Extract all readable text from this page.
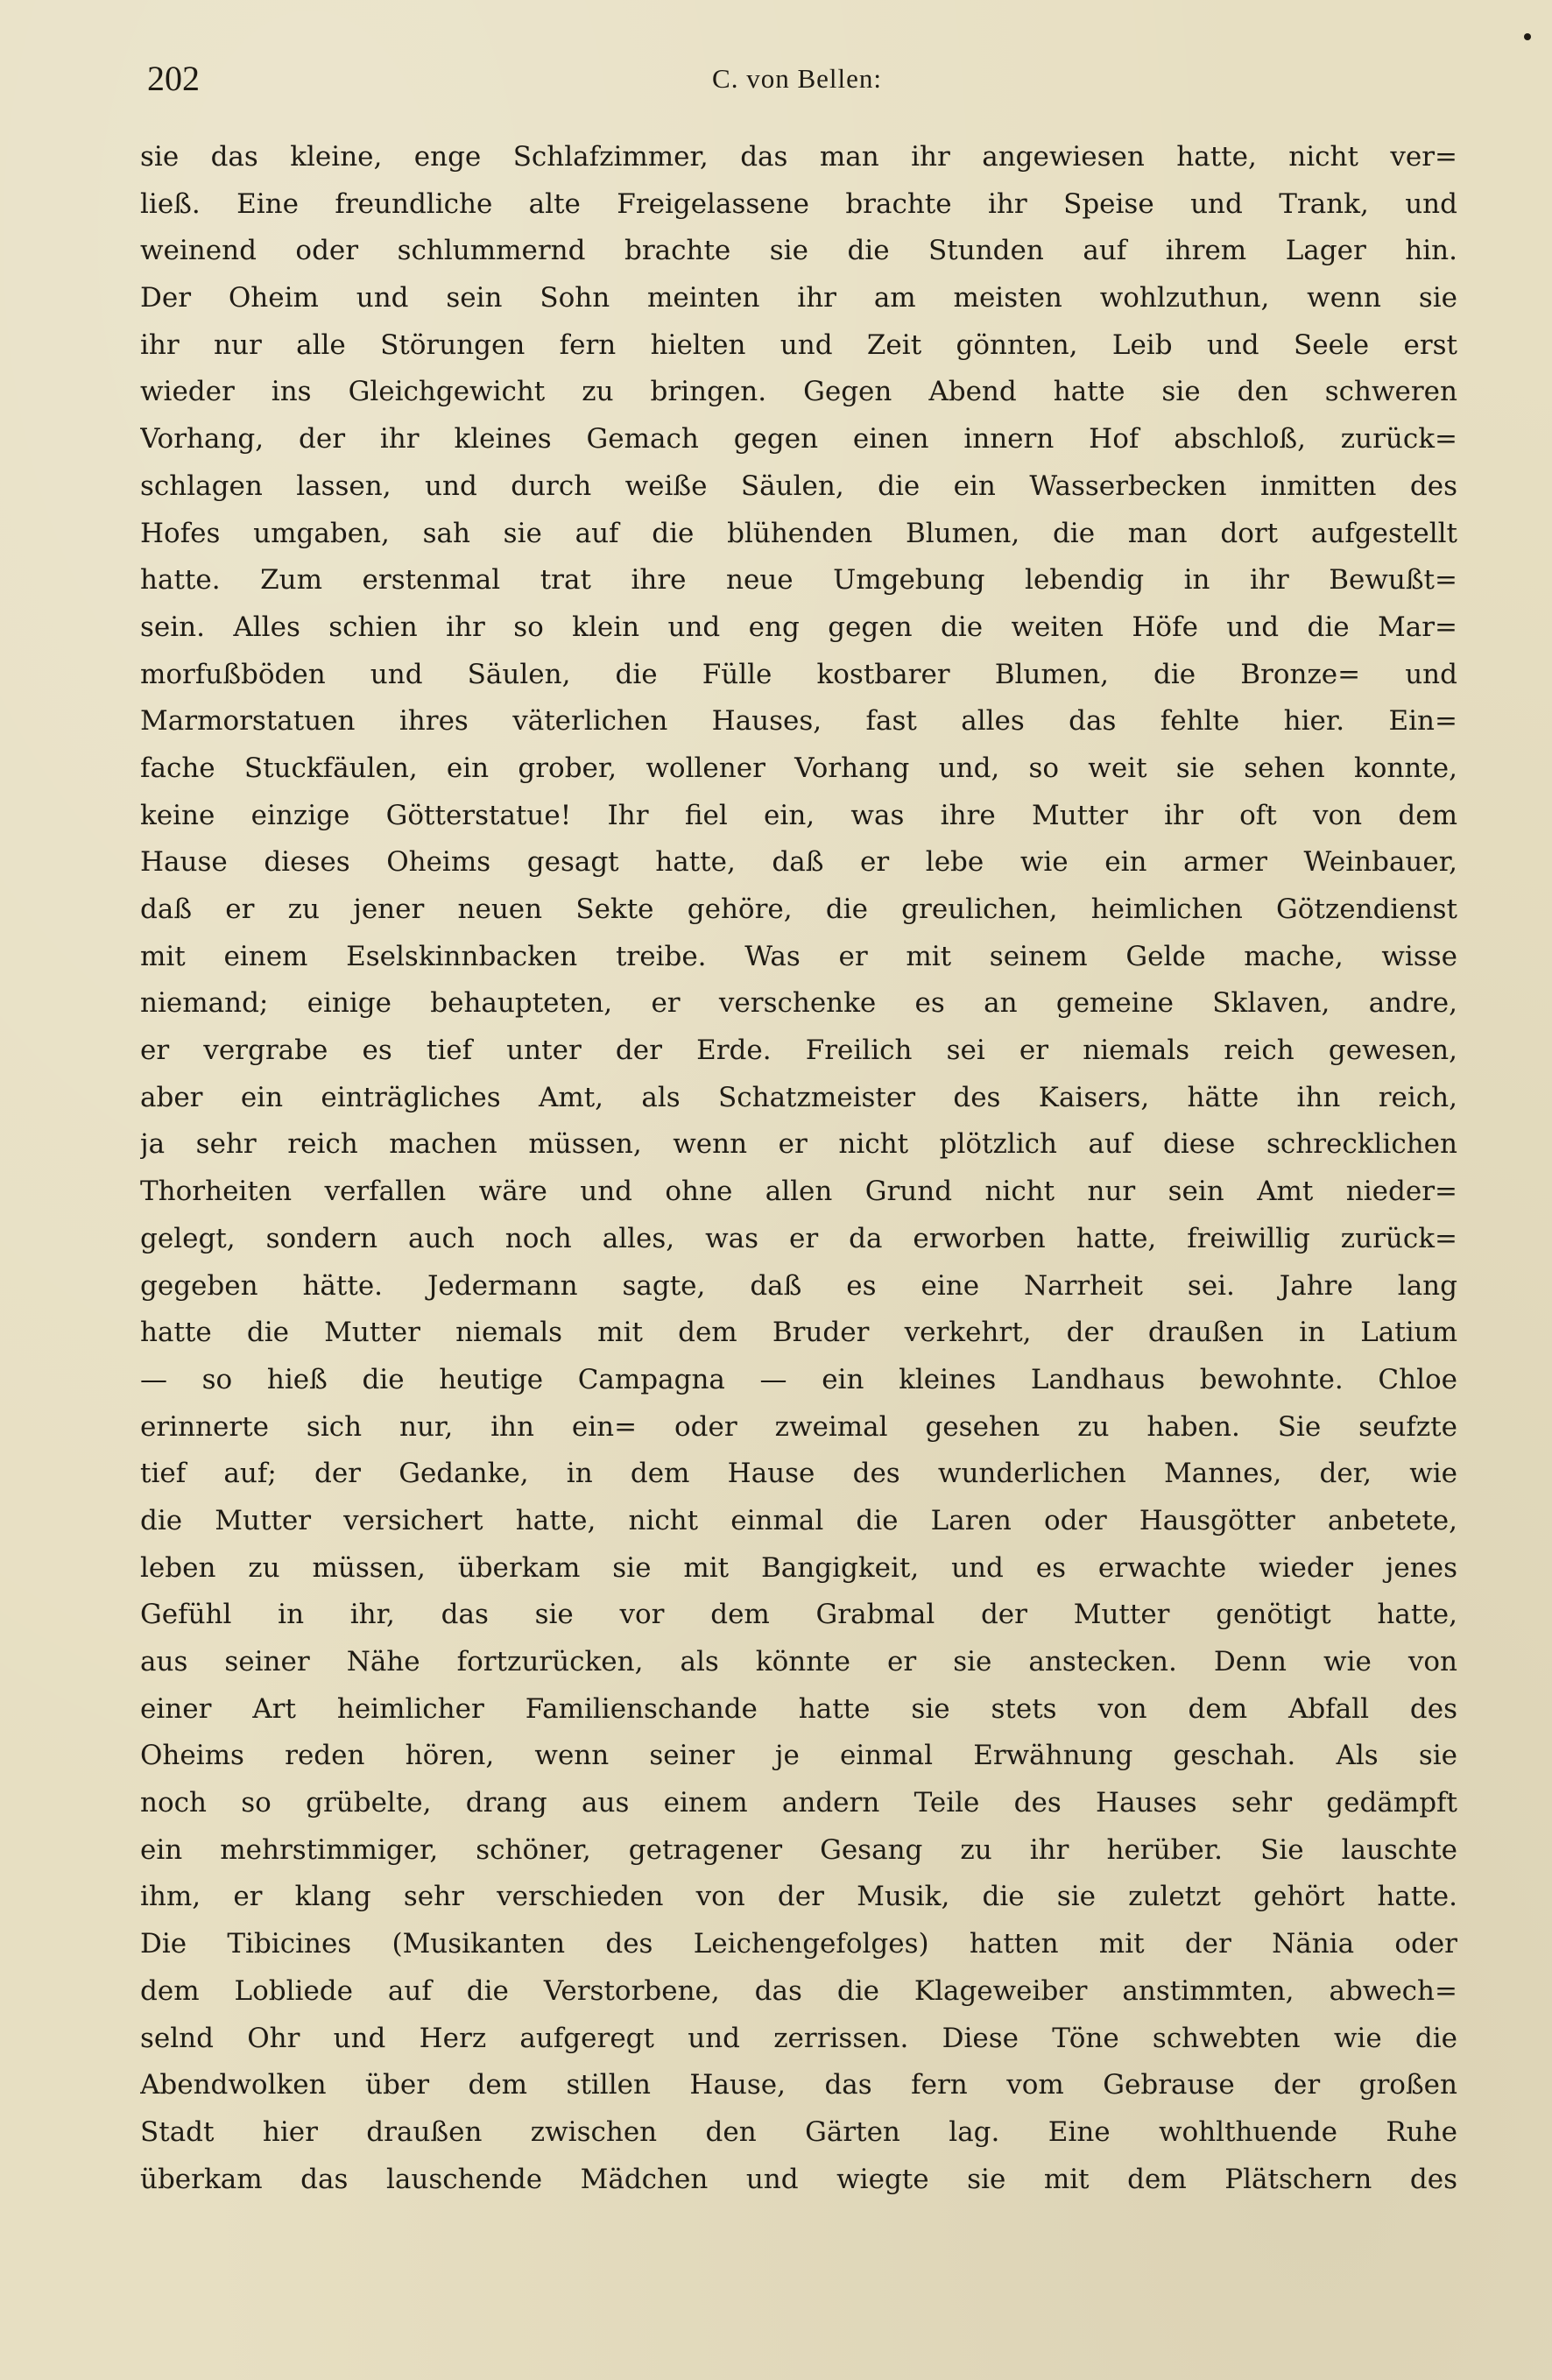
202	C. von Bellen:
sie das kleine, enge Schlafzimmer, das man ihr angewiesen hatte, nicht ver=
ließ. Eine freundliche alte Freigelassene brachte ihr Speise und Trank, und
weinend oder schlummernd brachte sie die Stunden auf ihrem Lager hin.
Der Oheim und sein Sohn meinten ihr am meisten wohlzuthun, wenn sie
ihr nur alle Störungen fern hielten und Zeit gönnten, Leib und Seele erst
wieder ins Gleichgewicht zu bringen. Gegen Abend hatte sie den schweren
Vorhang, der ihr kleines Gemach gegen einen innern Hof abschloß, zurück=
schlagen lassen, und durch weiße Säulen, die ein Wasserbecken inmitten des
Hofes umgaben, sah sie auf die blühenden Blumen, die man dort aufgestellt
hatte. Zum erstenmal trat ihre neue Umgebung lebendig in ihr Bewußt=
sein. Alles schien ihr so klein und eng gegen die weiten Höfe und die Mar=
morfußböden und Säulen, die Fülle kostbarer Blumen, die Bronze= und
Marmorstatuen ihres väterlichen Hauses, fast alles das fehlte hier. Ein=
fache Stuckfäulen, ein grober, wollener Vorhang und, so weit sie sehen konnte,
keine einzige Götterstatue! Ihr fiel ein, was ihre Mutter ihr oft von dem
Hause dieses Oheims gesagt hatte, daß er lebe wie ein armer Weinbauer,
daß er zu jener neuen Sekte gehöre, die greulichen, heimlichen Götzendienst
mit einem Eselskinnbacken treibe. Was er mit seinem Gelde mache, wisse
niemand; einige behaupteten, er verschenke es an gemeine Sklaven, andre,
er vergrabe es tief unter der Erde. Freilich sei er niemals reich gewesen,
aber ein einträgliches Amt, als Schatzmeister des Kaisers, hätte ihn reich,
ja sehr reich machen müssen, wenn er nicht plötzlich auf diese schrecklichen
Thorheiten verfallen wäre und ohne allen Grund nicht nur sein Amt nieder=
gelegt, sondern auch noch alles, was er da erworben hatte, freiwillig zurück=
gegeben hätte. Jedermann sagte, daß es eine Narrheit sei. Jahre lang
hatte die Mutter niemals mit dem Bruder verkehrt, der draußen in Latium
— so hieß die heutige Campagna — ein kleines Landhaus bewohnte. Chloe
erinnerte sich nur, ihn ein= oder zweimal gesehen zu haben. Sie seufzte
tief auf; der Gedanke, in dem Hause des wunderlichen Mannes, der, wie
die Mutter versichert hatte, nicht einmal die Laren oder Hausgötter anbetete,
leben zu müssen, überkam sie mit Bangigkeit, und es erwachte wieder jenes
Gefühl in ihr, das sie vor dem Grabmal der Mutter genötigt hatte,
aus seiner Nähe fortzurücken, als könnte er sie anstecken. Denn wie von
einer Art heimlicher Familienschande hatte sie stets von dem Abfall des
Oheims reden hören, wenn seiner je einmal Erwähnung geschah. Als sie
noch so grübelte, drang aus einem andern Teile des Hauses sehr gedämpft
ein mehrstimmiger, schöner, getragener Gesang zu ihr herüber. Sie lauschte
ihm, er klang sehr verschieden von der Musik, die sie zuletzt gehört hatte.
Die Tibicines (Musikanten des Leichengefolges) hatten mit der Nänia oder
dem Lobliede auf die Verstorbene, das die Klageweiber anstimmten, abwech=
selnd Ohr und Herz aufgeregt und zerrissen. Diese Töne schwebten wie die
Abendwolken über dem stillen Hause, das fern vom Gebrause der großen
Stadt hier draußen zwischen den Gärten lag. Eine wohlthuende Ruhe
überkam das lauschende Mädchen und wiegte sie mit dem Plätschern des
